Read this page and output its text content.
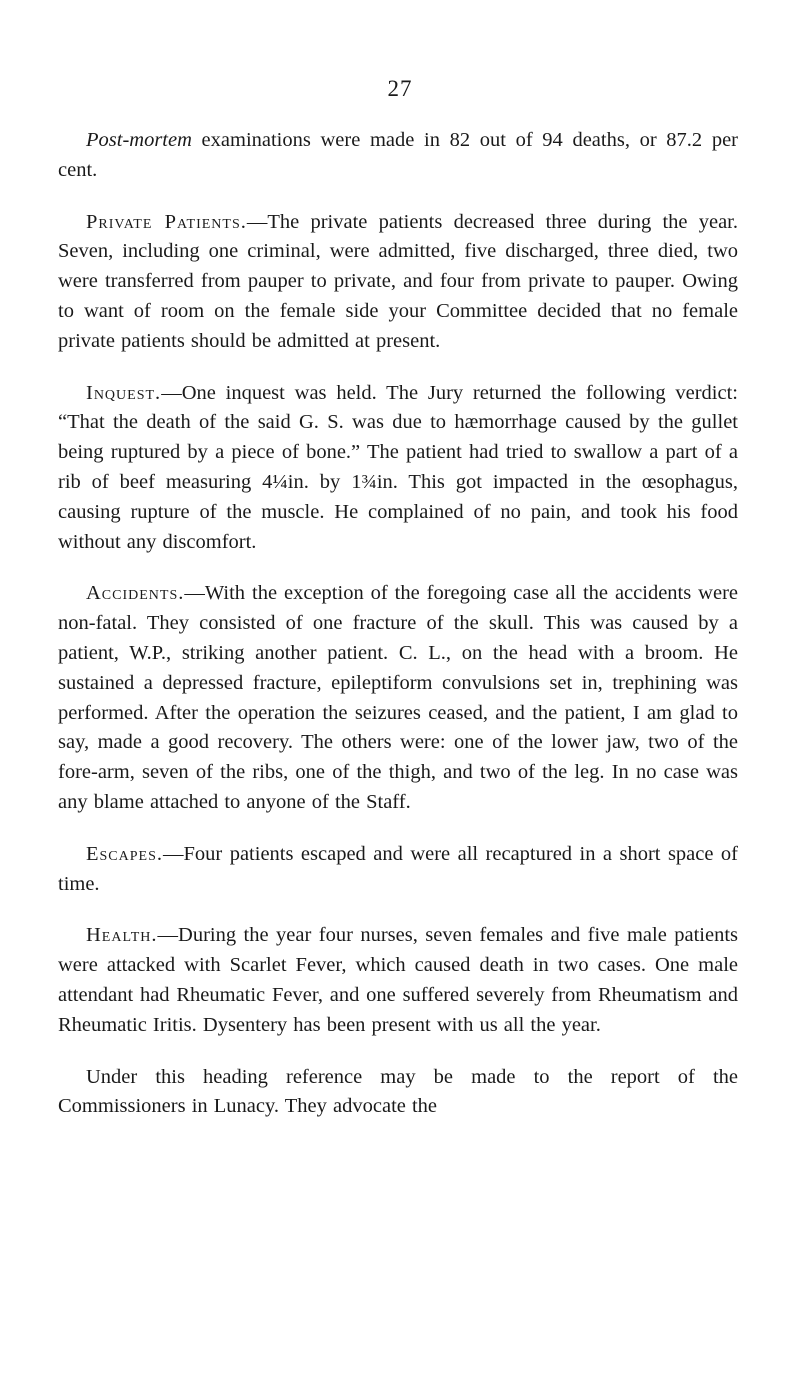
27

Post-mortem examinations were made in 82 out of 94 deaths, or 87.2 per cent.

Private Patients.—The private patients decreased three during the year. Seven, including one criminal, were admitted, five discharged, three died, two were transferred from pauper to private, and four from private to pauper. Owing to want of room on the female side your Committee decided that no female private patients should be admitted at present.

Inquest.—One inquest was held. The Jury returned the following verdict: “That the death of the said G. S. was due to hæmorrhage caused by the gullet being ruptured by a piece of bone.” The patient had tried to swallow a part of a rib of beef measuring 4¼in. by 1¾in. This got impacted in the œsophagus, causing rupture of the muscle. He complained of no pain, and took his food without any discomfort.

Accidents.—With the exception of the foregoing case all the accidents were non-fatal. They consisted of one fracture of the skull. This was caused by a patient, W.P., striking another patient. C. L., on the head with a broom. He sustained a depressed fracture, epileptiform convulsions set in, trephining was performed. After the operation the seizures ceased, and the patient, I am glad to say, made a good recovery. The others were: one of the lower jaw, two of the fore-arm, seven of the ribs, one of the thigh, and two of the leg. In no case was any blame attached to anyone of the Staff.

Escapes.—Four patients escaped and were all recaptured in a short space of time.

Health.—During the year four nurses, seven females and five male patients were attacked with Scarlet Fever, which caused death in two cases. One male attendant had Rheumatic Fever, and one suffered severely from Rheumatism and Rheumatic Iritis. Dysentery has been present with us all the year.

Under this heading reference may be made to the report of the Commissioners in Lunacy. They advocate the
